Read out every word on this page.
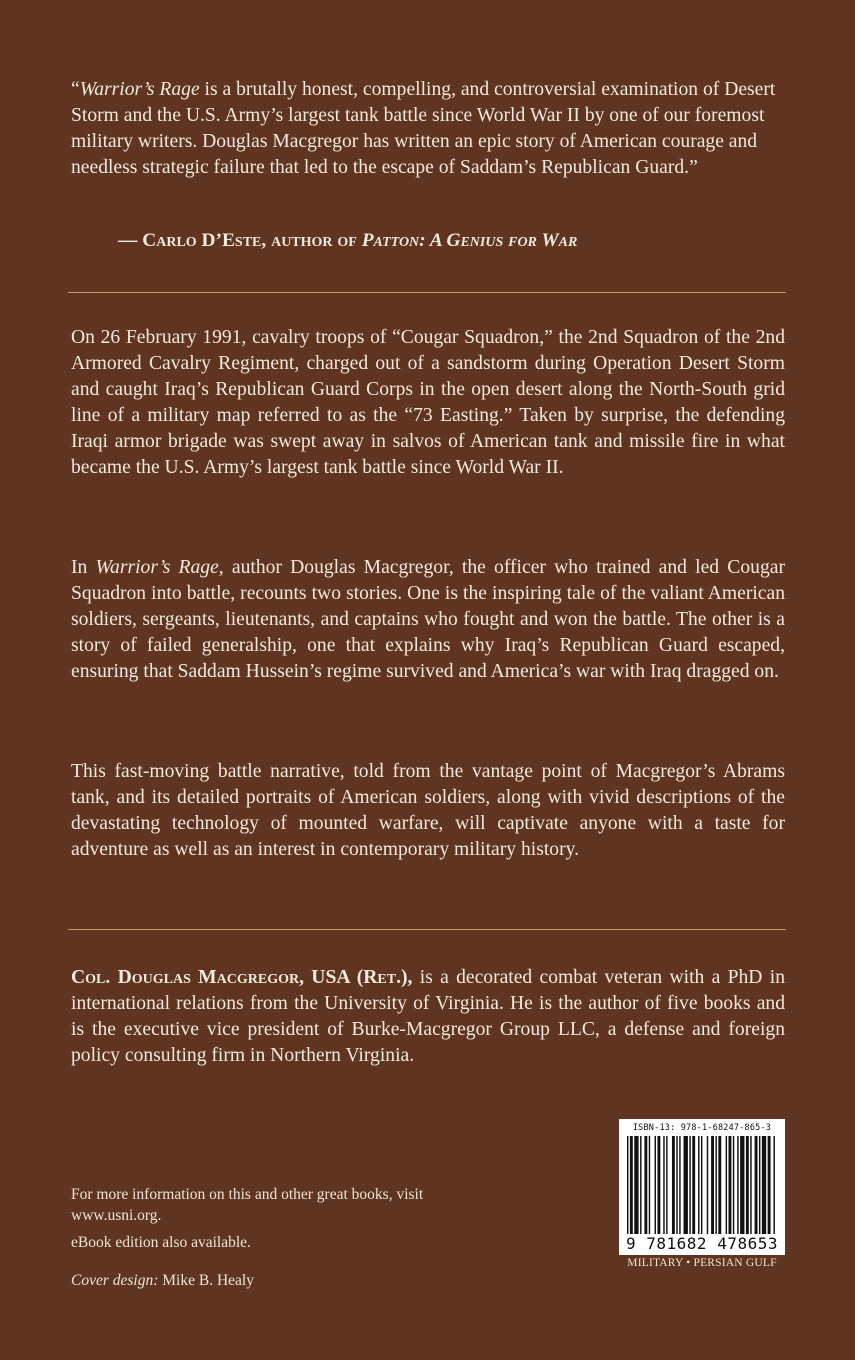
“Warrior’s Rage is a brutally honest, compelling, and controversial examination of Desert Storm and the U.S. Army’s largest tank battle since World War II by one of our foremost military writers. Douglas Macgregor has written an epic story of American courage and needless strategic failure that led to the escape of Saddam’s Republican Guard.”

— Carlo D’Este, author of Patton: A Genius for War

On 26 February 1991, cavalry troops of “Cougar Squadron,” the 2nd Squadron of the 2nd Armored Cavalry Regiment, charged out of a sandstorm during Operation Desert Storm and caught Iraq’s Republican Guard Corps in the open desert along the North-South grid line of a military map referred to as the “73 Easting.” Taken by surprise, the defending Iraqi armor brigade was swept away in salvos of American tank and missile fire in what became the U.S. Army’s largest tank battle since World War II.

In Warrior’s Rage, author Douglas Macgregor, the officer who trained and led Cougar Squadron into battle, recounts two stories. One is the inspiring tale of the valiant American soldiers, sergeants, lieutenants, and captains who fought and won the battle. The other is a story of failed generalship, one that explains why Iraq’s Republican Guard escaped, ensuring that Saddam Hussein’s regime survived and America’s war with Iraq dragged on.

This fast-moving battle narrative, told from the vantage point of Macgregor’s Abrams tank, and its detailed portraits of American soldiers, along with vivid descriptions of the devastating technology of mounted warfare, will captivate anyone with a taste for adventure as well as an interest in contemporary military history.

Col. Douglas Macgregor, USA (Ret.), is a decorated combat veteran with a PhD in international relations from the University of Virginia. He is the author of five books and is the executive vice president of Burke-Macgregor Group LLC, a defense and foreign policy consulting firm in Northern Virginia.

For more information on this and other great books, visit www.usni.org.
eBook edition also available.
Cover design: Mike B. Healy
ISBN-13: 978-1-68247-865-3
9 781682 478653
MILITARY • PERSIAN GULF
